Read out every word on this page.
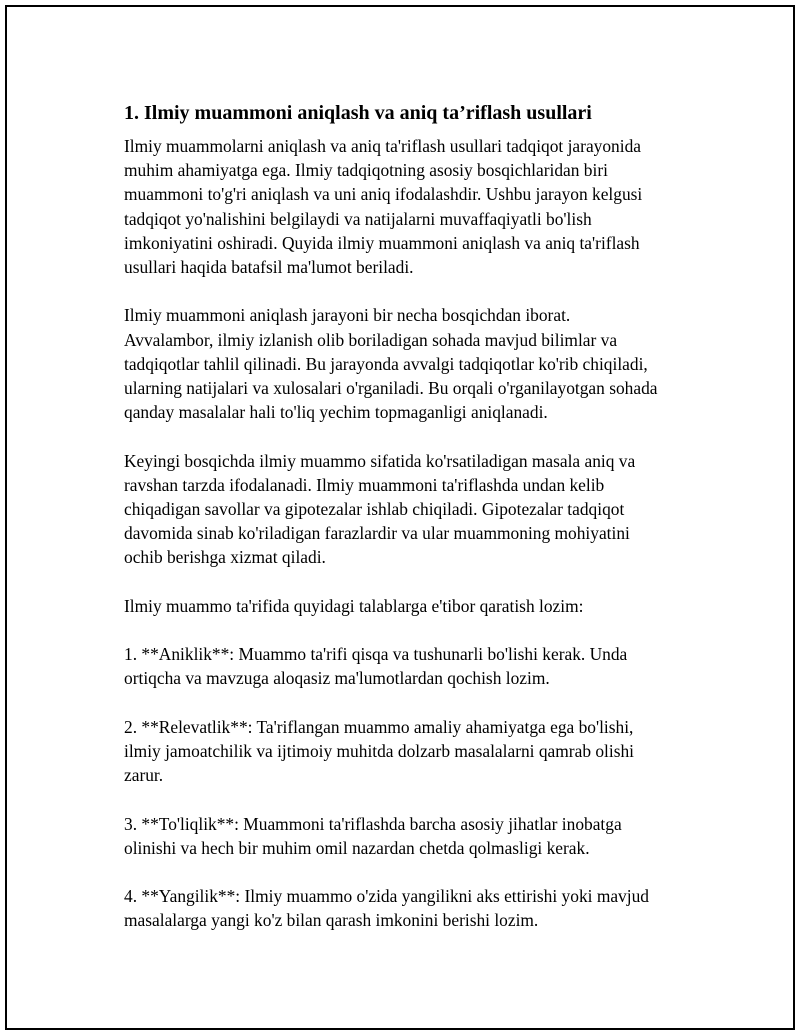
1. Ilmiy muammoni aniqlash va aniq ta’riflash usullari

Ilmiy muammolarni aniqlash va aniq ta'riflash usullari tadqiqot jarayonida
muhim ahamiyatga ega. Ilmiy tadqiqotning asosiy bosqichlaridan biri
muammoni to'g'ri aniqlash va uni aniq ifodalashdir. Ushbu jarayon kelgusi
tadqiqot yo'nalishini belgilaydi va natijalarni muvaffaqiyatli bo'lish
imkoniyatini oshiradi. Quyida ilmiy muammoni aniqlash va aniq ta'riflash
usullari haqida batafsil ma'lumot beriladi.

Ilmiy muammoni aniqlash jarayoni bir necha bosqichdan iborat.
Avvalambor, ilmiy izlanish olib boriladigan sohada mavjud bilimlar va
tadqiqotlar tahlil qilinadi. Bu jarayonda avvalgi tadqiqotlar ko'rib chiqiladi,
ularning natijalari va xulosalari o'rganiladi. Bu orqali o'rganilayotgan sohada
qanday masalalar hali to'liq yechim topmaganligi aniqlanadi.

Keyingi bosqichda ilmiy muammo sifatida ko'rsatiladigan masala aniq va
ravshan tarzda ifodalanadi. Ilmiy muammoni ta'riflashda undan kelib
chiqadigan savollar va gipotezalar ishlab chiqiladi. Gipotezalar tadqiqot
davomida sinab ko'riladigan farazlardir va ular muammoning mohiyatini
ochib berishga xizmat qiladi.

Ilmiy muammo ta'rifida quyidagi talablarga e'tibor qaratish lozim:

1. **Aniklik**: Muammo ta'rifi qisqa va tushunarli bo'lishi kerak. Unda
ortiqcha va mavzuga aloqasiz ma'lumotlardan qochish lozim.

2. **Relevatlik**: Ta'riflangan muammo amaliy ahamiyatga ega bo'lishi,
ilmiy jamoatchilik va ijtimoiy muhitda dolzarb masalalarni qamrab olishi
zarur.

3. **To'liqlik**: Muammoni ta'riflashda barcha asosiy jihatlar inobatga
olinishi va hech bir muhim omil nazardan chetda qolmasligi kerak.

4. **Yangilik**: Ilmiy muammo o'zida yangilikni aks ettirishi yoki mavjud
masalalarga yangi ko'z bilan qarash imkonini berishi lozim.
